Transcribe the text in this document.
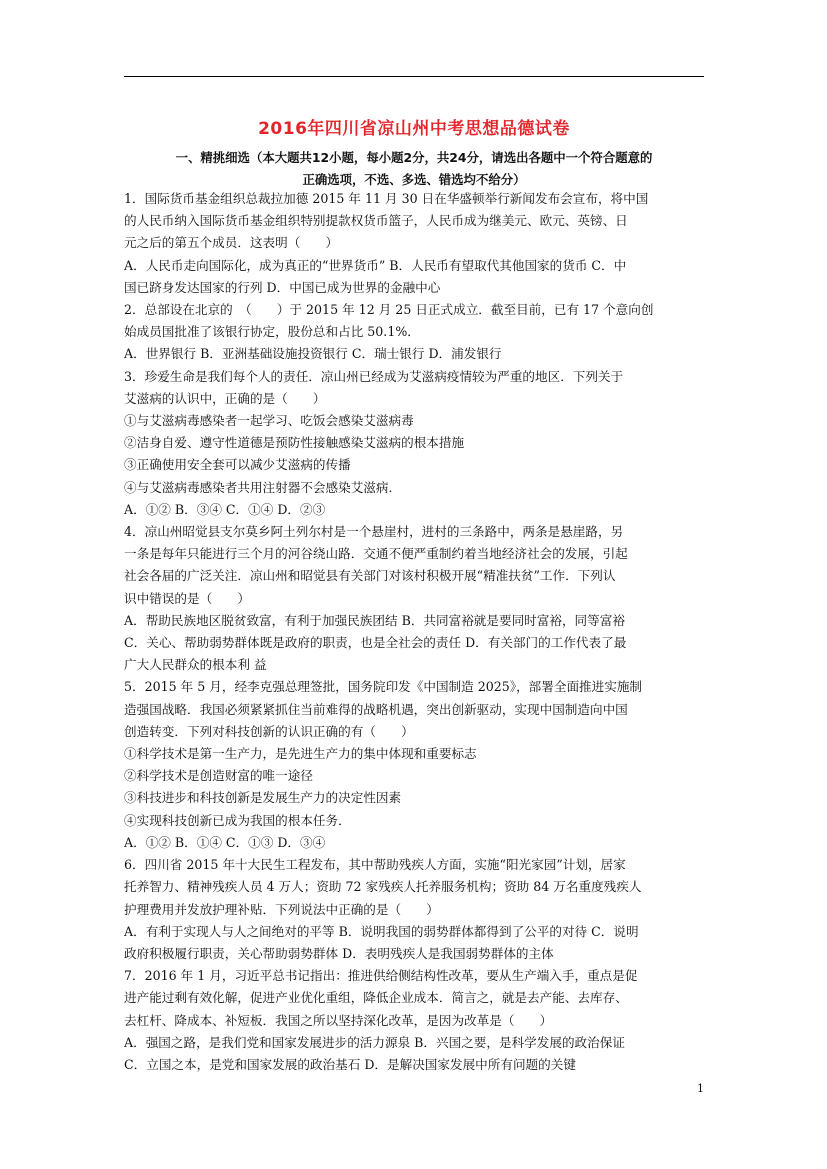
2016年四川省凉山州中考思想品德试卷
一、精挑细选（本大题共12小题，每小题2分，共24分，请选出各题中一个符合题意的
正确选项，不选、多选、错选均不给分）
1．国际货币基金组织总裁拉加德 2015 年 11 月 30 日在华盛顿举行新闻发布会宣布，将中国
的人民币纳入国际货币基金组织特别提款权货币篮子，人民币成为继美元、欧元、英镑、日
元之后的第五个成员．这表明（　　）
A．人民币走向国际化，成为真正的“世界货币” B．人民币有望取代其他国家的货币 C．中
国已跻身发达国家的行列 D．中国已成为世界的金融中心
2．总部设在北京的　（　　）于 2015 年 12 月 25 日正式成立．截至目前，已有 17 个意向创
始成员国批准了该银行协定，股份总和占比 50.1%．
A．世界银行 B．亚洲基础设施投资银行 C．瑞士银行 D．浦发银行
3．珍爱生命是我们每个人的责任．凉山州已经成为艾滋病疫情较为严重的地区．下列关于
艾滋病的认识中，正确的是（　　）
①与艾滋病毒感染者一起学习、吃饭会感染艾滋病毒
②洁身自爱、遵守性道德是预防性接触感染艾滋病的根本措施
③正确使用安全套可以减少艾滋病的传播
④与艾滋病毒感染者共用注射器不会感染艾滋病．
A．①② B．③④ C．①④ D．②③
4．凉山州昭觉县支尔莫乡阿土列尔村是一个悬崖村，进村的三条路中，两条是悬崖路，另
一条是每年只能进行三个月的河谷绕山路．交通不便严重制约着当地经济社会的发展，引起
社会各届的广泛关注．凉山州和昭觉县有关部门对该村积极开展“精准扶贫”工作．下列认
识中错误的是（　　）
A．帮助民族地区脱贫致富，有利于加强民族团结 B．共同富裕就是要同时富裕，同等富裕
C．关心、帮助弱势群体既是政府的职责，也是全社会的责任 D．有关部门的工作代表了最
广大人民群众的根本利 益
5．2015 年 5 月，经李克强总理签批，国务院印发《中国制造 2025》，部署全面推进实施制
造强国战略．我国必须紧紧抓住当前难得的战略机遇，突出创新驱动，实现中国制造向中国
创造转变．下列对科技创新的认识正确的有（　　）
①科学技术是第一生产力，是先进生产力的集中体现和重要标志
②科学技术是创造财富的唯一途径
③科技进步和科技创新是发展生产力的决定性因素
④实现科技创新已成为我国的根本任务．
A．①② B．①④ C．①③ D．③④
6．四川省 2015 年十大民生工程发布，其中帮助残疾人方面，实施“阳光家园”计划，居家
托养智力、精神残疾人员 4 万人；资助 72 家残疾人托养服务机构；资助 84 万名重度残疾人
护理费用并发放护理补贴．下列说法中正确的是（　　）
A．有利于实现人与人之间绝对的平等 B．说明我国的弱势群体都得到了公平的对待 C．说明
政府积极履行职责，关心帮助弱势群体 D．表明残疾人是我国弱势群体的主体
7．2016 年 1 月，习近平总书记指出：推进供给侧结构性改革，要从生产端入手，重点是促
进产能过剩有效化解，促进产业优化重组，降低企业成本．简言之，就是去产能、去库存、
去杠杆、降成本、补短板．我国之所以坚持深化改革，是因为改革是（　　）
A．强国之路，是我们党和国家发展进步的活力源泉 B．兴国之要，是科学发展的政治保证
C．立国之本，是党和国家发展的政治基石 D．是解决国家发展中所有问题的关键
1
